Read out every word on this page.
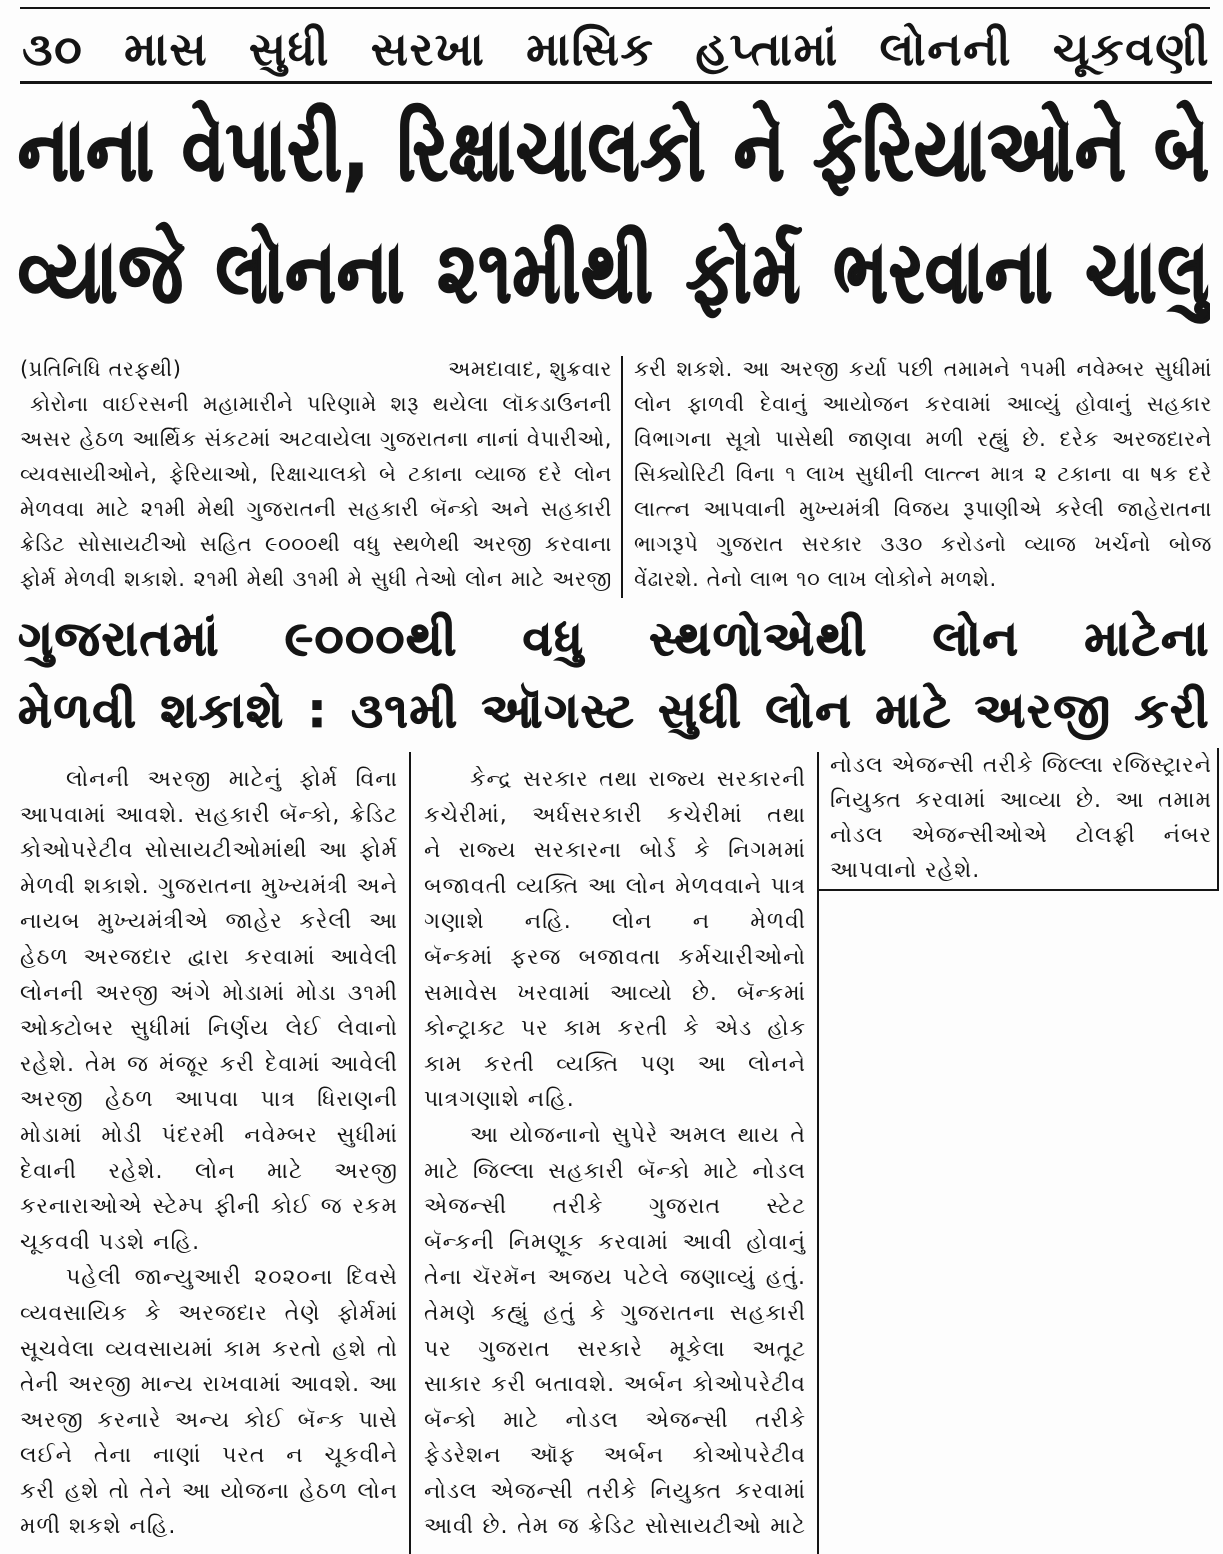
૩૦ માસ સુધી સરખા માસિક હપ્તામાં લોનની ચૂકવણી
નાના વેપારી, રિક્ષાચાલકો ને ફેરિયાઓને બે
વ્યાજે લોનના ૨૧મીથી ફોર્મ ભરવાના ચાલુ
(પ્રતિનિધિ તરફથી)	અમદાવાદ, શુક્રવાર
કોરોના વાઈરસની મહામારીને પરિણામે શરૂ થયેલા લૉકડાઉનની
અસર હેઠળ આર્થિક સંકટમાં અટવાયેલા ગુજરાતના નાનાં વેપારીઓ,
વ્યવસાયીઓને, ફેરિયાઓ, રિક્ષાચાલકો બે ટકાના વ્યાજ દરે લોન
મેળવવા માટે ૨૧મી મેથી ગુજરાતની સહકારી બૅન્કો અને સહકારી
ક્રેડિટ સોસાયટીઓ સહિત ૯૦૦૦થી વધુ સ્થળેથી અરજી કરવાના
ફોર્મ મેળવી શકાશે. ૨૧મી મેથી ૩૧મી મે સુધી તેઓ લોન માટે અરજી
કરી શકશે. આ અરજી કર્યા પછી તમામને ૧૫મી નવેમ્બર સુધીમાં
લોન ફાળવી દેવાનું આયોજન કરવામાં આવ્યું હોવાનું સહકાર
વિભાગના સૂત્રો પાસેથી જાણવા મળી રહ્યું છે. દરેક અરજદારને
સિક્યોરિટી વિના ૧ લાખ સુધીની લાત્ત્ન માત્ર ૨ ટકાના વા ષક દરે
લાત્ત્ન આપવાની મુખ્યમંત્રી વિજય રૂપાણીએ કરેલી જાહેરાતના
ભાગરૂપે ગુજરાત સરકાર ૩૩૦ કરોડનો વ્યાજ ખર્ચનો બોજ
વેંઢારશે. તેનો લાભ ૧૦ લાખ લોકોને મળશે.
ગુજરાતમાં ૯૦૦૦થી વધુ સ્થળોએથી લોન માટેના
મેળવી શકાશે : ૩૧મી ઑગસ્ટ સુધી લોન માટે અરજી કરી
લોનની અરજી માટેનું ફોર્મ વિના
આપવામાં આવશે. સહકારી બૅન્કો, ક્રેડિટ
કોઓપરેટીવ સોસાયટીઓમાંથી આ ફોર્મ
મેળવી શકાશે. ગુજરાતના મુખ્યમંત્રી અને
નાયબ મુખ્યમંત્રીએ જાહેર કરેલી આ
હેઠળ અરજદાર દ્વારા કરવામાં આવેલી
લોનની અરજી અંગે મોડામાં મોડા ૩૧મી
ઓક્ટોબર સુધીમાં નિર્ણય લેઈ લેવાનો
રહેશે. તેમ જ મંજૂર કરી દેવામાં આવેલી
અરજી હેઠળ આપવા પાત્ર ધિરાણની
મોડામાં મોડી પંદરમી નવેમ્બર સુધીમાં
દેવાની રહેશે. લોન માટે અરજી
કરનારાઓએ સ્ટેમ્પ ફીની કોઈ જ રકમ
ચૂકવવી પડશે નહિ.
પહેલી જાન્યુઆરી ૨૦૨૦ના દિવસે
વ્યવસાયિક કે અરજદાર તેણે ફોર્મમાં
સૂચવેલા વ્યવસાયમાં કામ કરતો હશે તો
તેની અરજી માન્ય રાખવામાં આવશે. આ
અરજી કરનારે અન્ય કોઈ બૅન્ક પાસે
લઈને તેના નાણાં પરત ન ચૂકવીને
કરી હશે તો તેને આ યોજના હેઠળ લોન
મળી શકશે નહિ.
કેન્દ્ર સરકાર તથા રાજ્ય સરકારની
કચેરીમાં, અર્ધસરકારી કચેરીમાં તથા
ને રાજ્ય સરકારના બોર્ડ કે નિગમમાં
બજાવતી વ્યક્તિ આ લોન મેળવવાને પાત્ર
ગણાશે નહિ. લોન ન મેળવી
બૅન્કમાં ફરજ બજાવતા કર્મચારીઓનો
સમાવેસ ખરવામાં આવ્યો છે. બૅન્કમાં
કોન્ટ્રાક્ટ પર કામ કરતી કે એડ હોક
કામ કરતી વ્યક્તિ પણ આ લોનને
પાત્રગણાશે નહિ.
આ યોજનાનો સુપેરે અમલ થાય તે
માટે જિલ્લા સહકારી બૅન્કો માટે નોડલ
એજન્સી તરીકે ગુજરાત સ્ટેટ
બૅન્કની નિમણૂક કરવામાં આવી હોવાનું
તેના ચૅરમૅન અજય પટેલે જણાવ્યું હતું.
તેમણે કહ્યું હતું કે ગુજરાતના સહકારી
પર ગુજરાત સરકારે મૂકેલા અતૂટ
સાકાર કરી બતાવશે. અર્બન કોઓપરેટીવ
બૅન્કો માટે નોડલ એજન્સી તરીકે
ફેડરેશન ઑફ અર્બન કોઓપરેટીવ
નોડલ એજન્સી તરીકે નિયુક્ત કરવામાં
આવી છે. તેમ જ ક્રેડિટ સોસાયટીઓ માટે
નોડલ એજન્સી તરીકે જિલ્લા રજિસ્ટ્રારને
નિયુક્ત કરવામાં આવ્યા છે. આ તમામ
નોડલ એજન્સીઓએ ટોલફ્રી નંબર
આપવાનો રહેશે.
